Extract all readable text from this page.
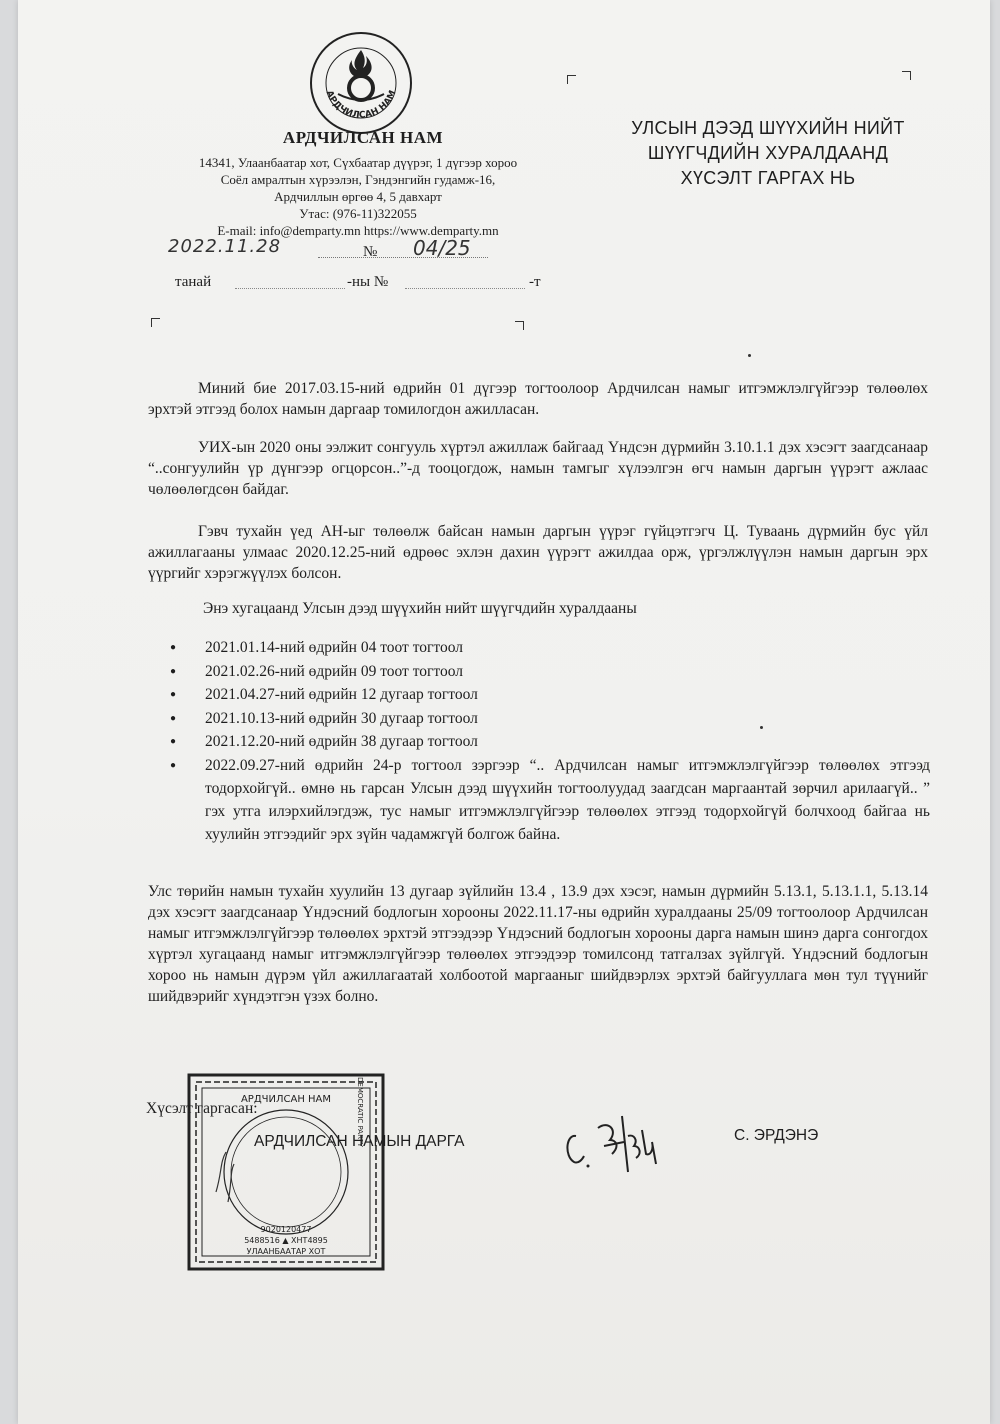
АРДЧИЛСАН НАМ
АРДЧИЛСАН НАМ
14341, Улаанбаатар хот, Сүхбаатар дүүрэг, 1 дүгээр хороо
Соёл амралтын хүрээлэн, Гэндэнгийн гудамж-16,
Ардчиллын өргөө 4, 5 давхарт
Утас: (976-11)322055
E-mail: info@demparty.mn https://www.demparty.mn
2022.11.28	№ 04/25
танай	-ны №	-т
УЛСЫН ДЭЭД ШҮҮХИЙН НИЙТ
ШҮҮГЧДИЙН ХУРАЛДААНД
ХҮСЭЛТ ГАРГАХ НЬ
Миний бие 2017.03.15-ний өдрийн 01 дүгээр тогтоолоор Ардчилсан намыг итгэмжлэлгүйгээр төлөөлөх эрхтэй этгээд болох намын даргаар томилогдон ажилласан.
УИХ-ын 2020 оны ээлжит сонгууль хүртэл ажиллаж байгаад Үндсэн дүрмийн 3.10.1.1 дэх хэсэгт заагдсанаар “..сонгуулийн үр дүнгээр огцорсон..”-д тооцогдож, намын тамгыг хүлээлгэн өгч намын даргын үүрэгт ажлаас чөлөөлөгдсөн байдаг.
Гэвч тухайн үед АН-ыг төлөөлж байсан намын даргын үүрэг гүйцэтгэгч Ц. Туваань дүрмийн бус үйл ажиллагааны улмаас 2020.12.25-ний өдрөөс эхлэн дахин үүрэгт ажилдаа орж, үргэлжлүүлэн намын даргын эрх үүргийг хэрэгжүүлэх болсон.
Энэ хугацаанд Улсын дээд шүүхийн нийт шүүгчдийн хуралдааны
● 2021.01.14-ний өдрийн 04 тоот тогтоол
● 2021.02.26-ний өдрийн 09 тоот тогтоол
● 2021.04.27-ний өдрийн 12 дугаар тогтоол
● 2021.10.13-ний өдрийн 30 дугаар тогтоол
● 2021.12.20-ний өдрийн 38 дугаар тогтоол
● 2022.09.27-ний өдрийн 24-р тогтоол зэргээр “.. Ардчилсан намыг итгэмжлэлгүйгээр төлөөлөх этгээд тодорхойгүй.. өмнө нь гарсан Улсын дээд шүүхийн тогтоолуудад заагдсан маргаантай зөрчил арилаагүй.. ” гэх утга илэрхийлэгдэж, тус намыг итгэмжлэлгүйгээр төлөөлөх этгээд тодорхойгүй болчхоод байгаа нь хуулийн этгээдийг эрх зүйн чадамжгүй болгож байна.
Улс төрийн намын тухайн хуулийн 13 дугаар зүйлийн 13.4 , 13.9 дэх хэсэг, намын дүрмийн 5.13.1, 5.13.1.1, 5.13.14 дэх хэсэгт заагдсанаар Үндэсний бодлогын хорооны 2022.11.17-ны өдрийн хуралдааны 25/09 тогтоолоор Ардчилсан намыг итгэмжлэлгүйгээр төлөөлөх эрхтэй этгээдээр Үндэсний бодлогын хорооны дарга намын шинэ дарга сонгогдох хүртэл хугацаанд намыг итгэмжлэлгүйгээр төлөөлөх этгээдээр томилсонд татгалзах зүйлгүй. Үндэсний бодлогын хороо нь намын дүрэм үйл ажиллагаатай холбоотой маргааныг шийдвэрлэх эрхтэй байгууллага мөн тул түүнийг шийдвэрийг хүндэтгэн үзэх болно.
АРДЧИЛСАН НАМ	DEMOCRATIC PARTY
9020120477
5488516 ▲ ХНТ4895
УЛААНБААТАР ХОТ
Хүсэлт гаргасан:
АРДЧИЛСАН НАМЫН ДАРГА	С. ЭРДЭНЭ
